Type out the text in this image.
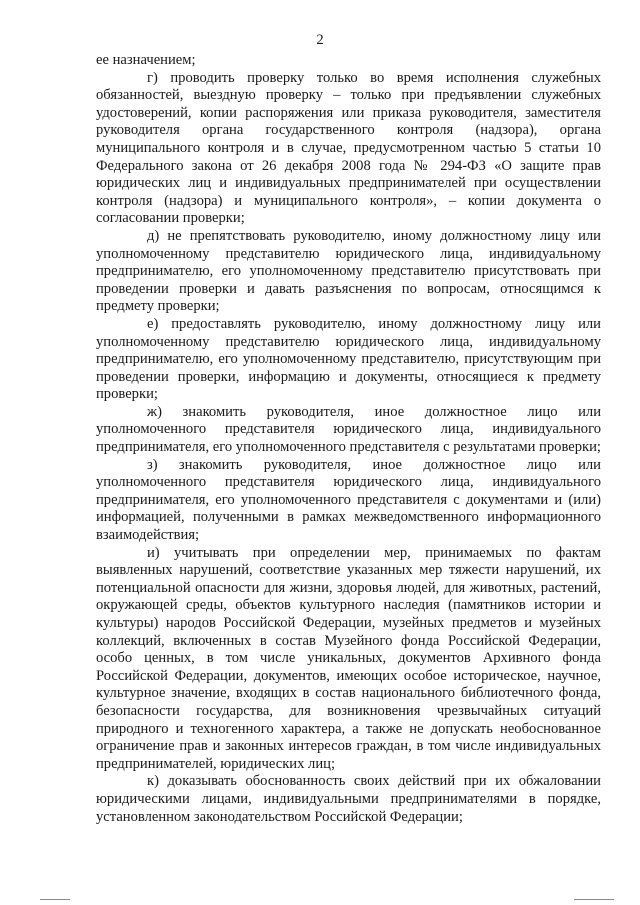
2

ее назначением;

г) проводить проверку только во время исполнения служебных обязанностей, выездную проверку – только при предъявлении служебных удостоверений, копии распоряжения или приказа руководителя, заместителя руководителя органа государственного контроля (надзора), органа муниципального контроля и в случае, предусмотренном частью 5 статьи 10 Федерального закона от 26 декабря 2008 года № 294-ФЗ «О защите прав юридических лиц и индивидуальных предпринимателей при осуществлении контроля (надзора) и муниципального контроля», – копии документа о согласовании проверки;

д) не препятствовать руководителю, иному должностному лицу или уполномоченному представителю юридического лица, индивидуальному предпринимателю, его уполномоченному представителю присутствовать при проведении проверки и давать разъяснения по вопросам, относящимся к предмету проверки;

е) предоставлять руководителю, иному должностному лицу или уполномоченному представителю юридического лица, индивидуальному предпринимателю, его уполномоченному представителю, присутствующим при проведении проверки, информацию и документы, относящиеся к предмету проверки;

ж) знакомить руководителя, иное должностное лицо или уполномоченного представителя юридического лица, индивидуального предпринимателя, его уполномоченного представителя с результатами проверки;

з) знакомить руководителя, иное должностное лицо или уполномоченного представителя юридического лица, индивидуального предпринимателя, его уполномоченного представителя с документами и (или) информацией, полученными в рамках межведомственного информационного взаимодействия;

и) учитывать при определении мер, принимаемых по фактам выявленных нарушений, соответствие указанных мер тяжести нарушений, их потенциальной опасности для жизни, здоровья людей, для животных, растений, окружающей среды, объектов культурного наследия (памятников истории и культуры) народов Российской Федерации, музейных предметов и музейных коллекций, включенных в состав Музейного фонда Российской Федерации, особо ценных, в том числе уникальных, документов Архивного фонда Российской Федерации, документов, имеющих особое историческое, научное, культурное значение, входящих в состав национального библиотечного фонда, безопасности государства, для возникновения чрезвычайных ситуаций природного и техногенного характера, а также не допускать необоснованное ограничение прав и законных интересов граждан, в том числе индивидуальных предпринимателей, юридических лиц;

к) доказывать обоснованность своих действий при их обжаловании юридическими лицами, индивидуальными предпринимателями в порядке, установленном законодательством Российской Федерации;
